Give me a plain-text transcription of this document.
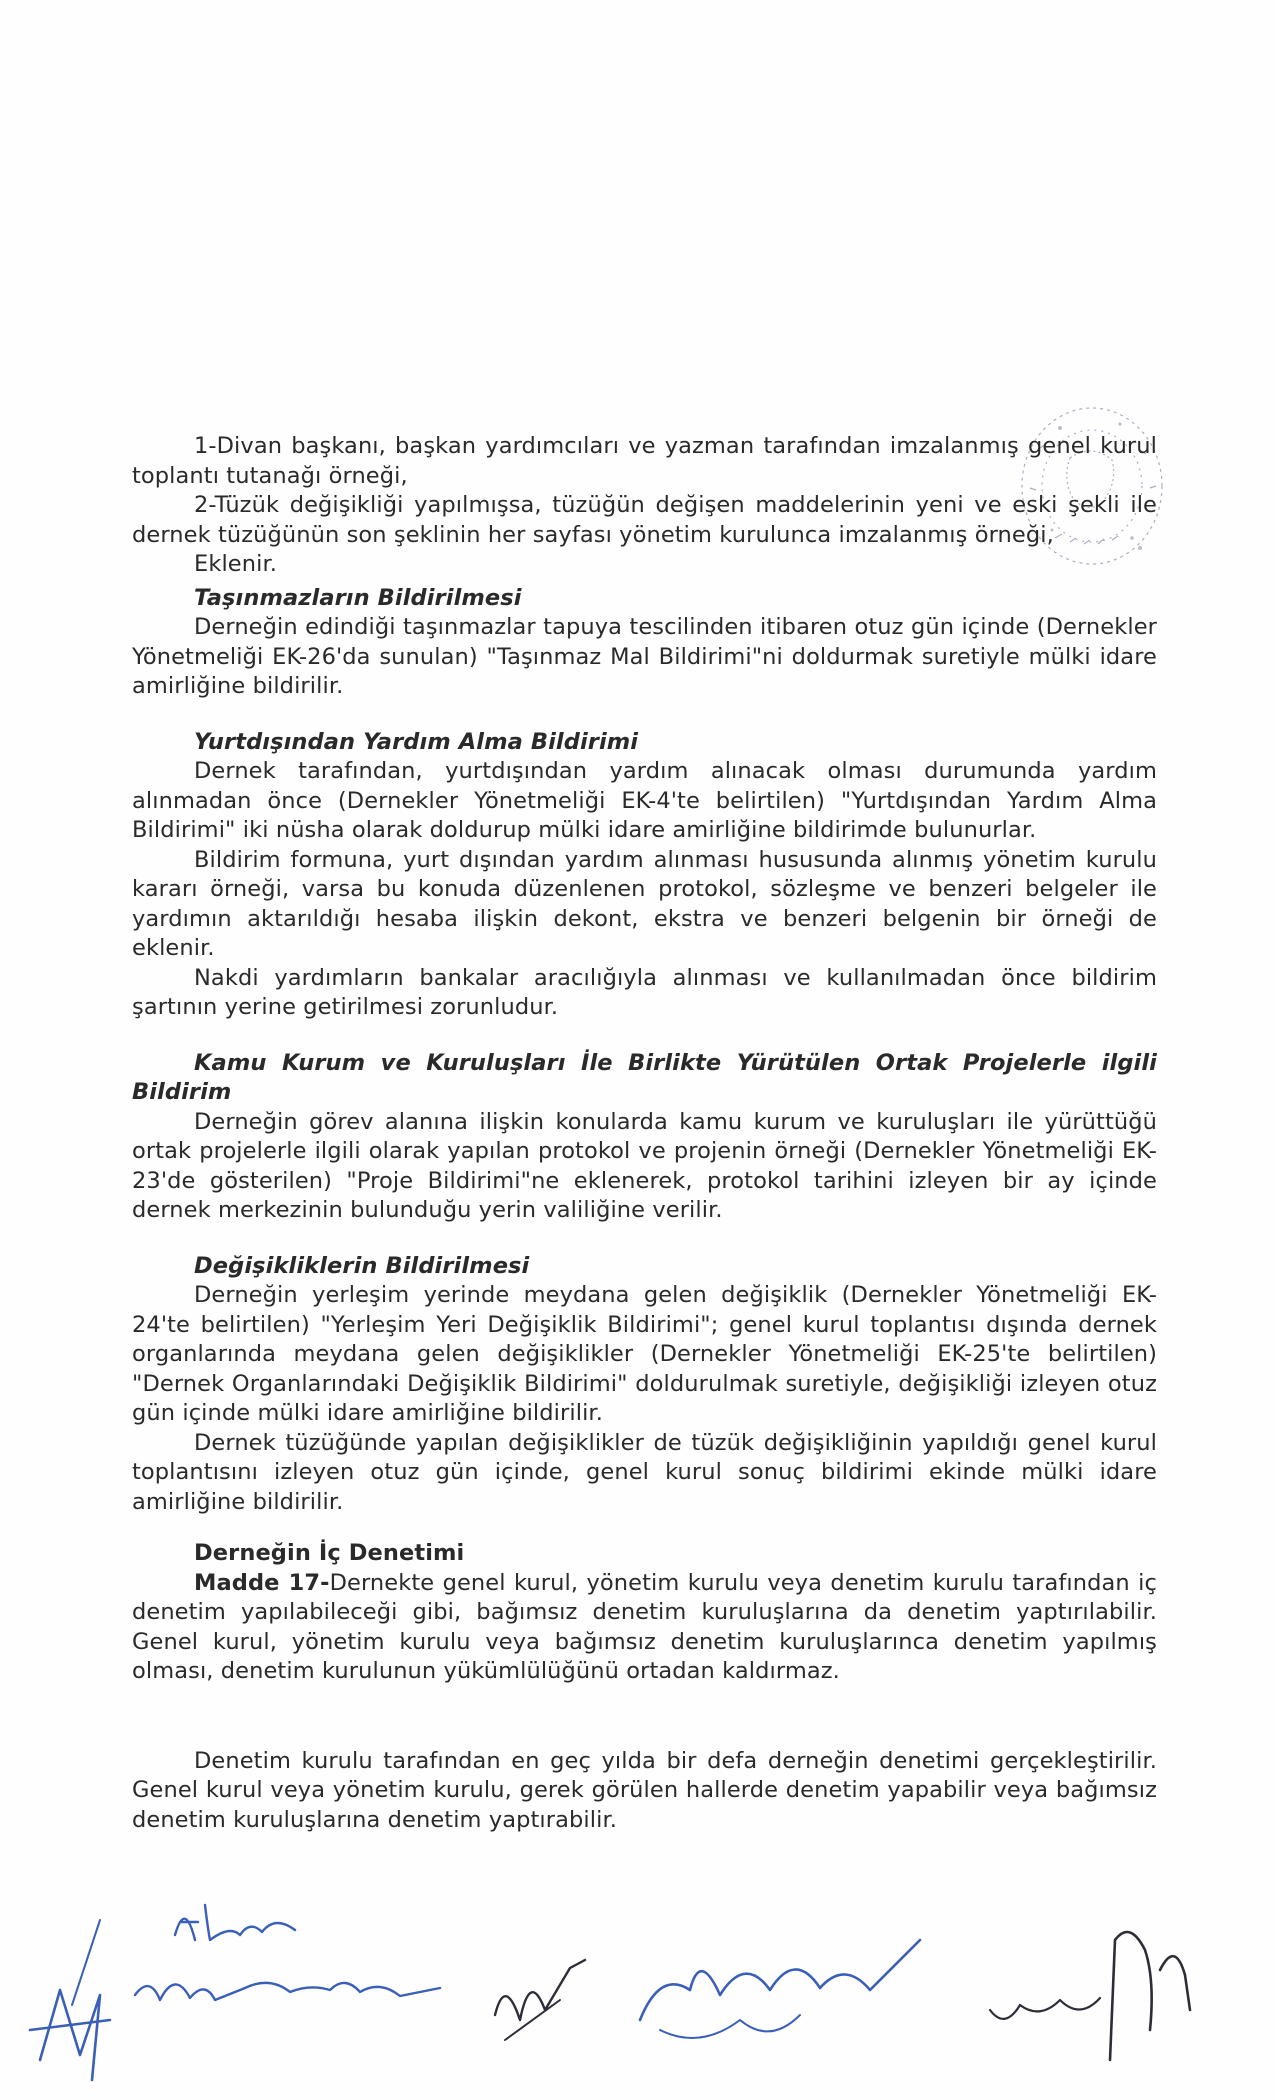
1-Divan başkanı, başkan yardımcıları ve yazman tarafından imzalanmış genel kurul toplantı tutanağı örneği,

2-Tüzük değişikliği yapılmışsa, tüzüğün değişen maddelerinin yeni ve eski şekli ile dernek tüzüğünün son şeklinin her sayfası yönetim kurulunca imzalanmış örneği,

Eklenir.

Taşınmazların Bildirilmesi

Derneğin edindiği taşınmazlar tapuya tescilinden itibaren otuz gün içinde (Dernekler Yönetmeliği EK-26'da sunulan) "Taşınmaz Mal Bildirimi"ni doldurmak suretiyle mülki idare amirliğine bildirilir.

Yurtdışından Yardım Alma Bildirimi

Dernek tarafından, yurtdışından yardım alınacak olması durumunda yardım alınmadan önce (Dernekler Yönetmeliği EK-4'te belirtilen) "Yurtdışından Yardım Alma Bildirimi" iki nüsha olarak doldurup mülki idare amirliğine bildirimde bulunurlar.

Bildirim formuna, yurt dışından yardım alınması hususunda alınmış yönetim kurulu kararı örneği, varsa bu konuda düzenlenen protokol, sözleşme ve benzeri belgeler ile yardımın aktarıldığı hesaba ilişkin dekont, ekstra ve benzeri belgenin bir örneği de eklenir.

Nakdi yardımların bankalar aracılığıyla alınması ve kullanılmadan önce bildirim şartının yerine getirilmesi zorunludur.

Kamu Kurum ve Kuruluşları İle Birlikte Yürütülen Ortak Projelerle ilgili Bildirim

Derneğin görev alanına ilişkin konularda kamu kurum ve kuruluşları ile yürüttüğü ortak projelerle ilgili olarak yapılan protokol ve projenin örneği (Dernekler Yönetmeliği EK-23'de gösterilen) "Proje Bildirimi"ne eklenerek, protokol tarihini izleyen bir ay içinde dernek merkezinin bulunduğu yerin valiliğine verilir.

Değişikliklerin Bildirilmesi

Derneğin yerleşim yerinde meydana gelen değişiklik (Dernekler Yönetmeliği EK-24'te belirtilen) "Yerleşim Yeri Değişiklik Bildirimi"; genel kurul toplantısı dışında dernek organlarında meydana gelen değişiklikler (Dernekler Yönetmeliği EK-25'te belirtilen) "Dernek Organlarındaki Değişiklik Bildirimi" doldurulmak suretiyle, değişikliği izleyen otuz gün içinde mülki idare amirliğine bildirilir.

Dernek tüzüğünde yapılan değişiklikler de tüzük değişikliğinin yapıldığı genel kurul toplantısını izleyen otuz gün içinde, genel kurul sonuç bildirimi ekinde mülki idare amirliğine bildirilir.

Derneğin İç Denetimi

Madde 17-Dernekte genel kurul, yönetim kurulu veya denetim kurulu tarafından iç denetim yapılabileceği gibi, bağımsız denetim kuruluşlarına da denetim yaptırılabilir. Genel kurul, yönetim kurulu veya bağımsız denetim kuruluşlarınca denetim yapılmış olması, denetim kurulunun yükümlülüğünü ortadan kaldırmaz.

Denetim kurulu tarafından en geç yılda bir defa derneğin denetimi gerçekleştirilir. Genel kurul veya yönetim kurulu, gerek görülen hallerde denetim yapabilir veya bağımsız denetim kuruluşlarına denetim yaptırabilir.
